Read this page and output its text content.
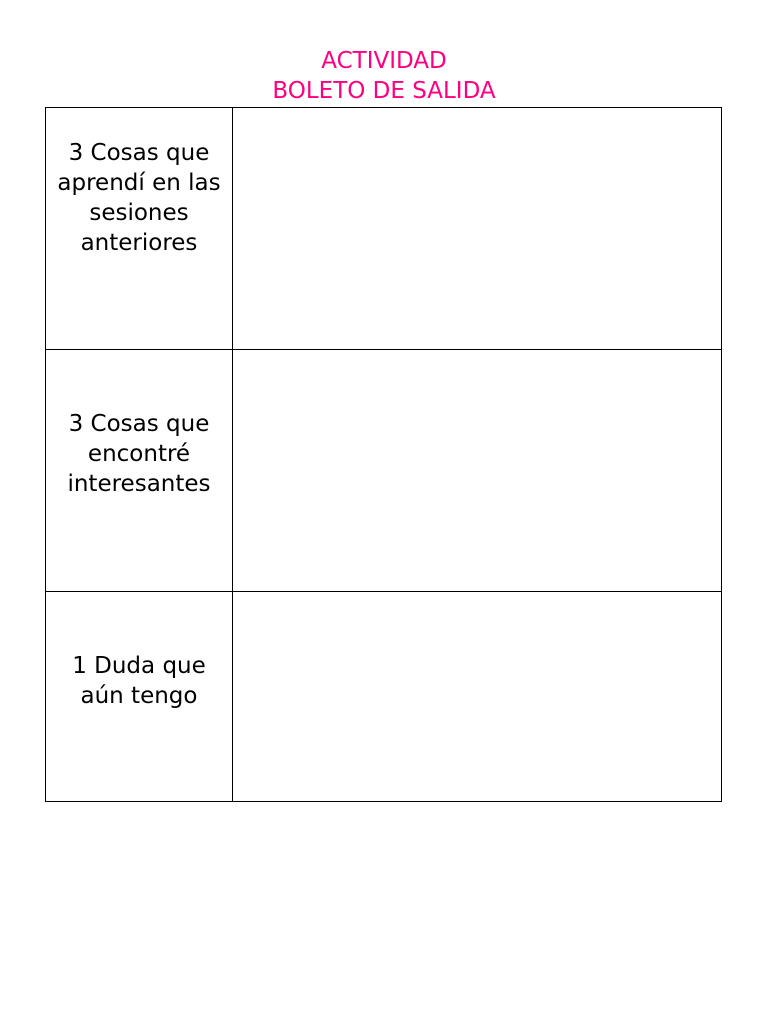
ACTIVIDAD
BOLETO DE SALIDA
3 Cosas que aprendí en las sesiones anteriores	

3 Cosas que encontré interesantes	

1 Duda que aún tengo	
